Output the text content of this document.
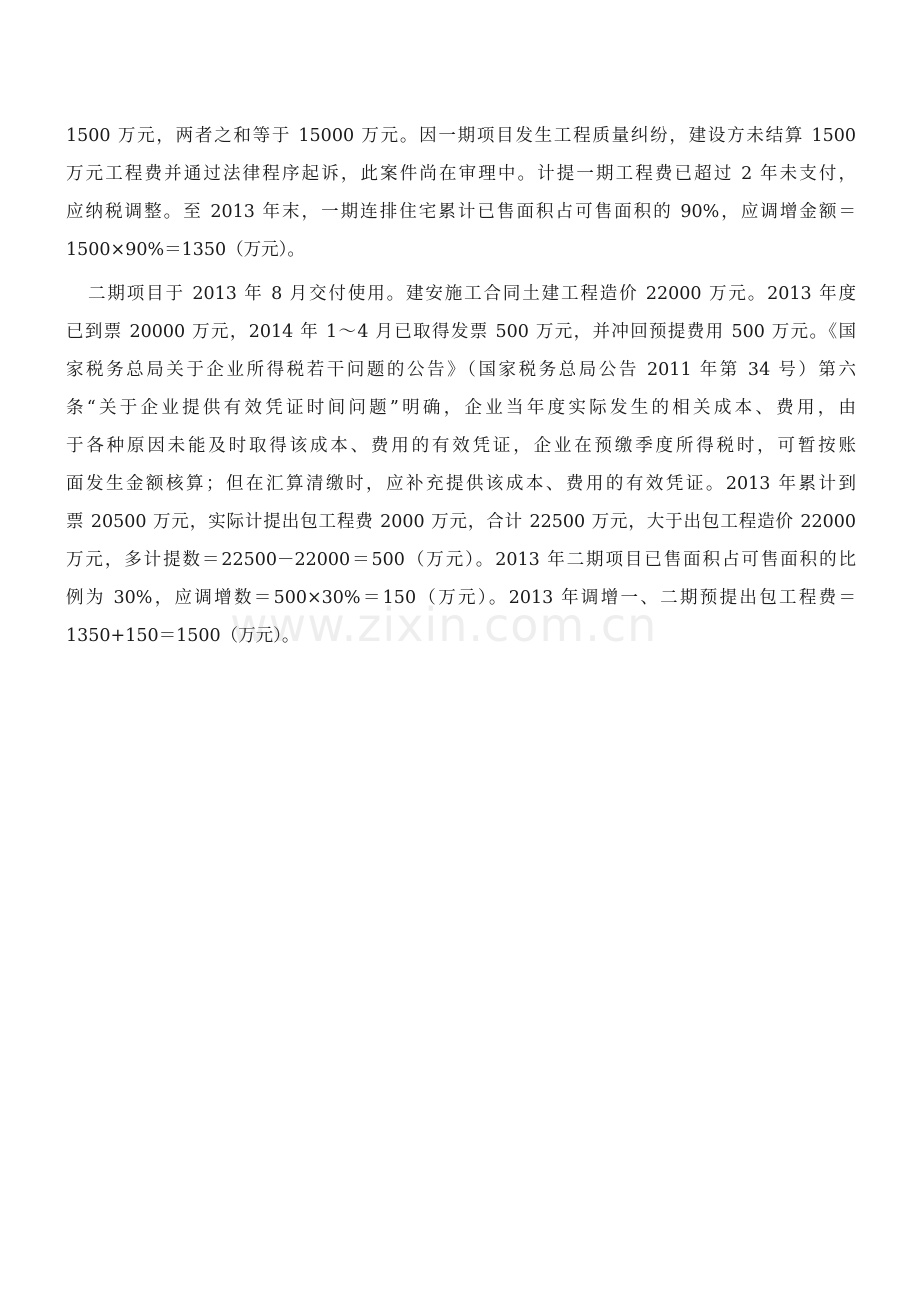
1500 万元，两者之和等于 15000 万元。因一期项目发生工程质量纠纷，建设方未结算 1500
万元工程费并通过法律程序起诉，此案件尚在审理中。计提一期工程费已超过 2 年未支付，
应纳税调整。至 2013 年末，一期连排住宅累计已售面积占可售面积的 90%，应调增金额＝
1500×90%＝1350（万元）。
二期项目于 2013 年 8 月交付使用。建安施工合同土建工程造价 22000 万元。2013 年度
已到票 20000 万元，2014 年 1～4 月已取得发票 500 万元，并冲回预提费用 500 万元。《国
家税务总局关于企业所得税若干问题的公告》（国家税务总局公告 2011 年第 34 号）第六
条“关于企业提供有效凭证时间问题”明确，企业当年度实际发生的相关成本、费用，由
于各种原因未能及时取得该成本、费用的有效凭证，企业在预缴季度所得税时，可暂按账
面发生金额核算；但在汇算清缴时，应补充提供该成本、费用的有效凭证。2013 年累计到
票 20500 万元，实际计提出包工程费 2000 万元，合计 22500 万元，大于出包工程造价 22000
万元，多计提数＝22500－22000＝500（万元）。2013 年二期项目已售面积占可售面积的比
例为 30%，应调增数＝500×30%＝150（万元）。2013 年调增一、二期预提出包工程费＝
1350+150＝1500（万元）。
www.zixin.com.cn
